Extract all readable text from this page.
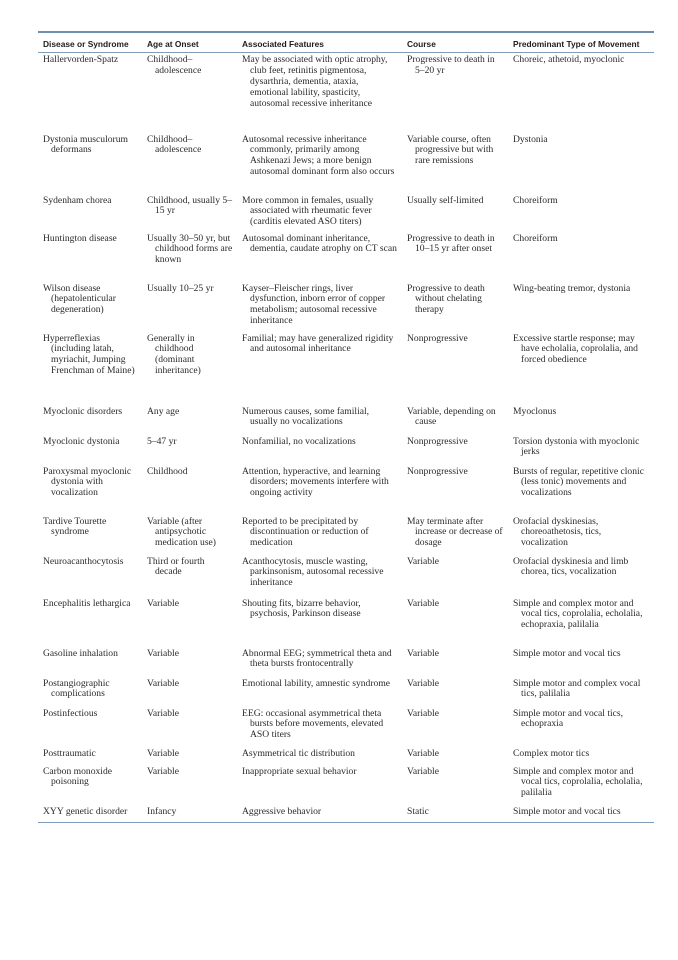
Disease or Syndrome	Age at Onset	Associated Features	Course	Predominant Type of Movement

Hallervorden-Spatz	Childhood– adolescence	May be associated with optic atrophy, club feet, retinitis pigmentosa, dysarthria, dementia, ataxia, emotional lability, spasticity, autosomal recessive inheritance	Progressive to death in 5–20 yr	Choreic, athetoid, myoclonic

Dystonia musculorum deformans	Childhood– adolescence	Autosomal recessive inheritance commonly, primarily among Ashkenazi Jews; a more benign autosomal dominant form also occurs	Variable course, often progressive but with rare remissions	Dystonia

Sydenham chorea	Childhood, usually 5–15 yr	More common in females, usually associated with rheumatic fever (carditis elevated ASO titers)	Usually self-limited	Choreiform

Huntington disease	Usually 30–50 yr, but childhood forms are known	Autosomal dominant inheritance, dementia, caudate atrophy on CT scan	Progressive to death in 10–15 yr after onset	Choreiform

Wilson disease (hepatolenticular degeneration)	Usually 10–25 yr	Kayser–Fleischer rings, liver dysfunction, inborn error of copper metabolism; autosomal recessive inheritance	Progressive to death without chelating therapy	Wing-beating tremor, dystonia

Hyperreflexias (including latah, myriachit, Jumping Frenchman of Maine)	Generally in childhood (dominant inheritance)	Familial; may have generalized rigidity and autosomal inheritance	Nonprogressive	Excessive startle response; may have echolalia, coprolalia, and forced obedience

Myoclonic disorders	Any age	Numerous causes, some familial, usually no vocalizations	Variable, depending on cause	Myoclonus

Myoclonic dystonia	5–47 yr	Nonfamilial, no vocalizations	Nonprogressive	Torsion dystonia with myoclonic jerks

Paroxysmal myoclonic dystonia with vocalization	Childhood	Attention, hyperactive, and learning disorders; movements interfere with ongoing activity	Nonprogressive	Bursts of regular, repetitive clonic (less tonic) movements and vocalizations

Tardive Tourette syndrome	Variable (after antipsychotic medication use)	Reported to be precipitated by discontinuation or reduction of medication	May terminate after increase or decrease of dosage	Orofacial dyskinesias, choreoathetosis, tics, vocalization

Neuroacanthocytosis	Third or fourth decade	Acanthocytosis, muscle wasting, parkinsonism, autosomal recessive inheritance	Variable	Orofacial dyskinesia and limb chorea, tics, vocalization

Encephalitis lethargica	Variable	Shouting fits, bizarre behavior, psychosis, Parkinson disease	Variable	Simple and complex motor and vocal tics, coprolalia, echolalia, echopraxia, palilalia

Gasoline inhalation	Variable	Abnormal EEG; symmetrical theta and theta bursts frontocentrally	Variable	Simple motor and vocal tics

Postangiographic complications	Variable	Emotional lability, amnestic syndrome	Variable	Simple motor and complex vocal tics, palilalia

Postinfectious	Variable	EEG: occasional asymmetrical theta bursts before movements, elevated ASO titers	Variable	Simple motor and vocal tics, echopraxia

Posttraumatic	Variable	Asymmetrical tic distribution	Variable	Complex motor tics

Carbon monoxide poisoning	Variable	Inappropriate sexual behavior	Variable	Simple and complex motor and vocal tics, coprolalia, echolalia, palilalia

XYY genetic disorder	Infancy	Aggressive behavior	Static	Simple motor and vocal tics
